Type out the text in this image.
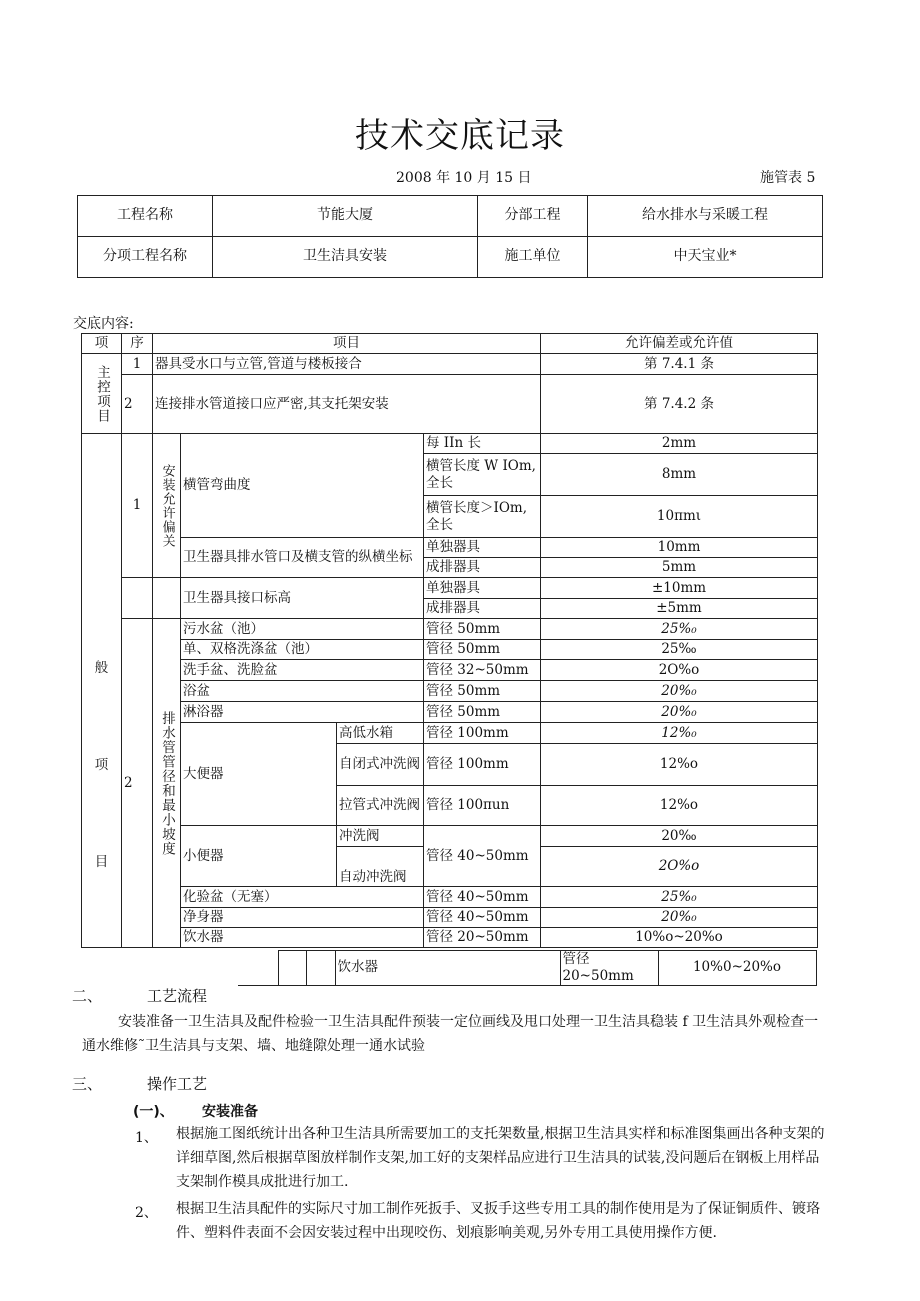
技术交底记录
2008 年 10 月 15 日	施管表 5
工程名称	节能大厦	分部工程	给水排水与采暖工程
分项工程名称	卫生洁具安装	施工单位	中天宝业*
交底内容:
项	序	项目				允许偏差或允许值
主控项目	1	器具受水口与立管,管道与楼板接合				第 7.4.1 条
	2	连接排水管道接口应严密,其支托架安装				第 7.4.2 条

般
项
目	1	安装允许偏关	横管弯曲度		每 IIn 长	2mm
					横管长度 W IOm,全长	8mm
					横管长度＞IOm,全长	10πmι
			卫生器具排水管口及横支管的纵横坐标		单独器具	10mm
					成排器具	5mm
			卫生器具接口标高		单独器具	±10mm
					成排器具	±5mm
	2	排水管管径和最小坡度	污水盆（池）		管径 50mm	25%₀
			单、双格洗涤盆（池）		管径 50mm	25‰
			洗手盆、洗脸盆		管径 32~50mm	2O%o
			浴盆		管径 50mm	20%₀
			淋浴器		管径 50mm	20%₀
			大便器	高低水箱	管径 100mm	12%₀
				自闭式冲洗阀	管径 100mm	12%o
				拉管式冲洗阀	管径 100πun	12%o
			小便器	冲洗阀	管径 40~50mm	20‰
				自动冲洗阀		2O%o
			化验盆（无塞）		管径 40~50mm	25%₀
			净身器		管径 40~50mm	20%₀
			饮水器		管径 20~50mm	10%o~20%o
			饮水器	管径 20~50mm	10%0~20%o
二、	工艺流程
安装准备一卫生洁具及配件检验一卫生洁具配件预装一定位画线及甩口处理一卫生洁具稳装 f 卫生洁具外观检查一通水维修˜卫生洁具与支架、墙、地缝隙处理一通水试验
三、	操作工艺
(一)、 安装准备
1、 根据施工图纸统计出各种卫生洁具所需要加工的支托架数量,根据卫生洁具实样和标准图集画出各种支架的详细草图,然后根据草图放样制作支架,加工好的支架样品应进行卫生洁具的试装,没问题后在钢板上用样品支架制作模具成批进行加工.
2、 根据卫生洁具配件的实际尺寸加工制作死扳手、叉扳手这些专用工具的制作使用是为了保证铜质件、镀珞件、塑料件表面不会因安装过程中出现咬伤、划痕影响美观,另外专用工具使用操作方便.
